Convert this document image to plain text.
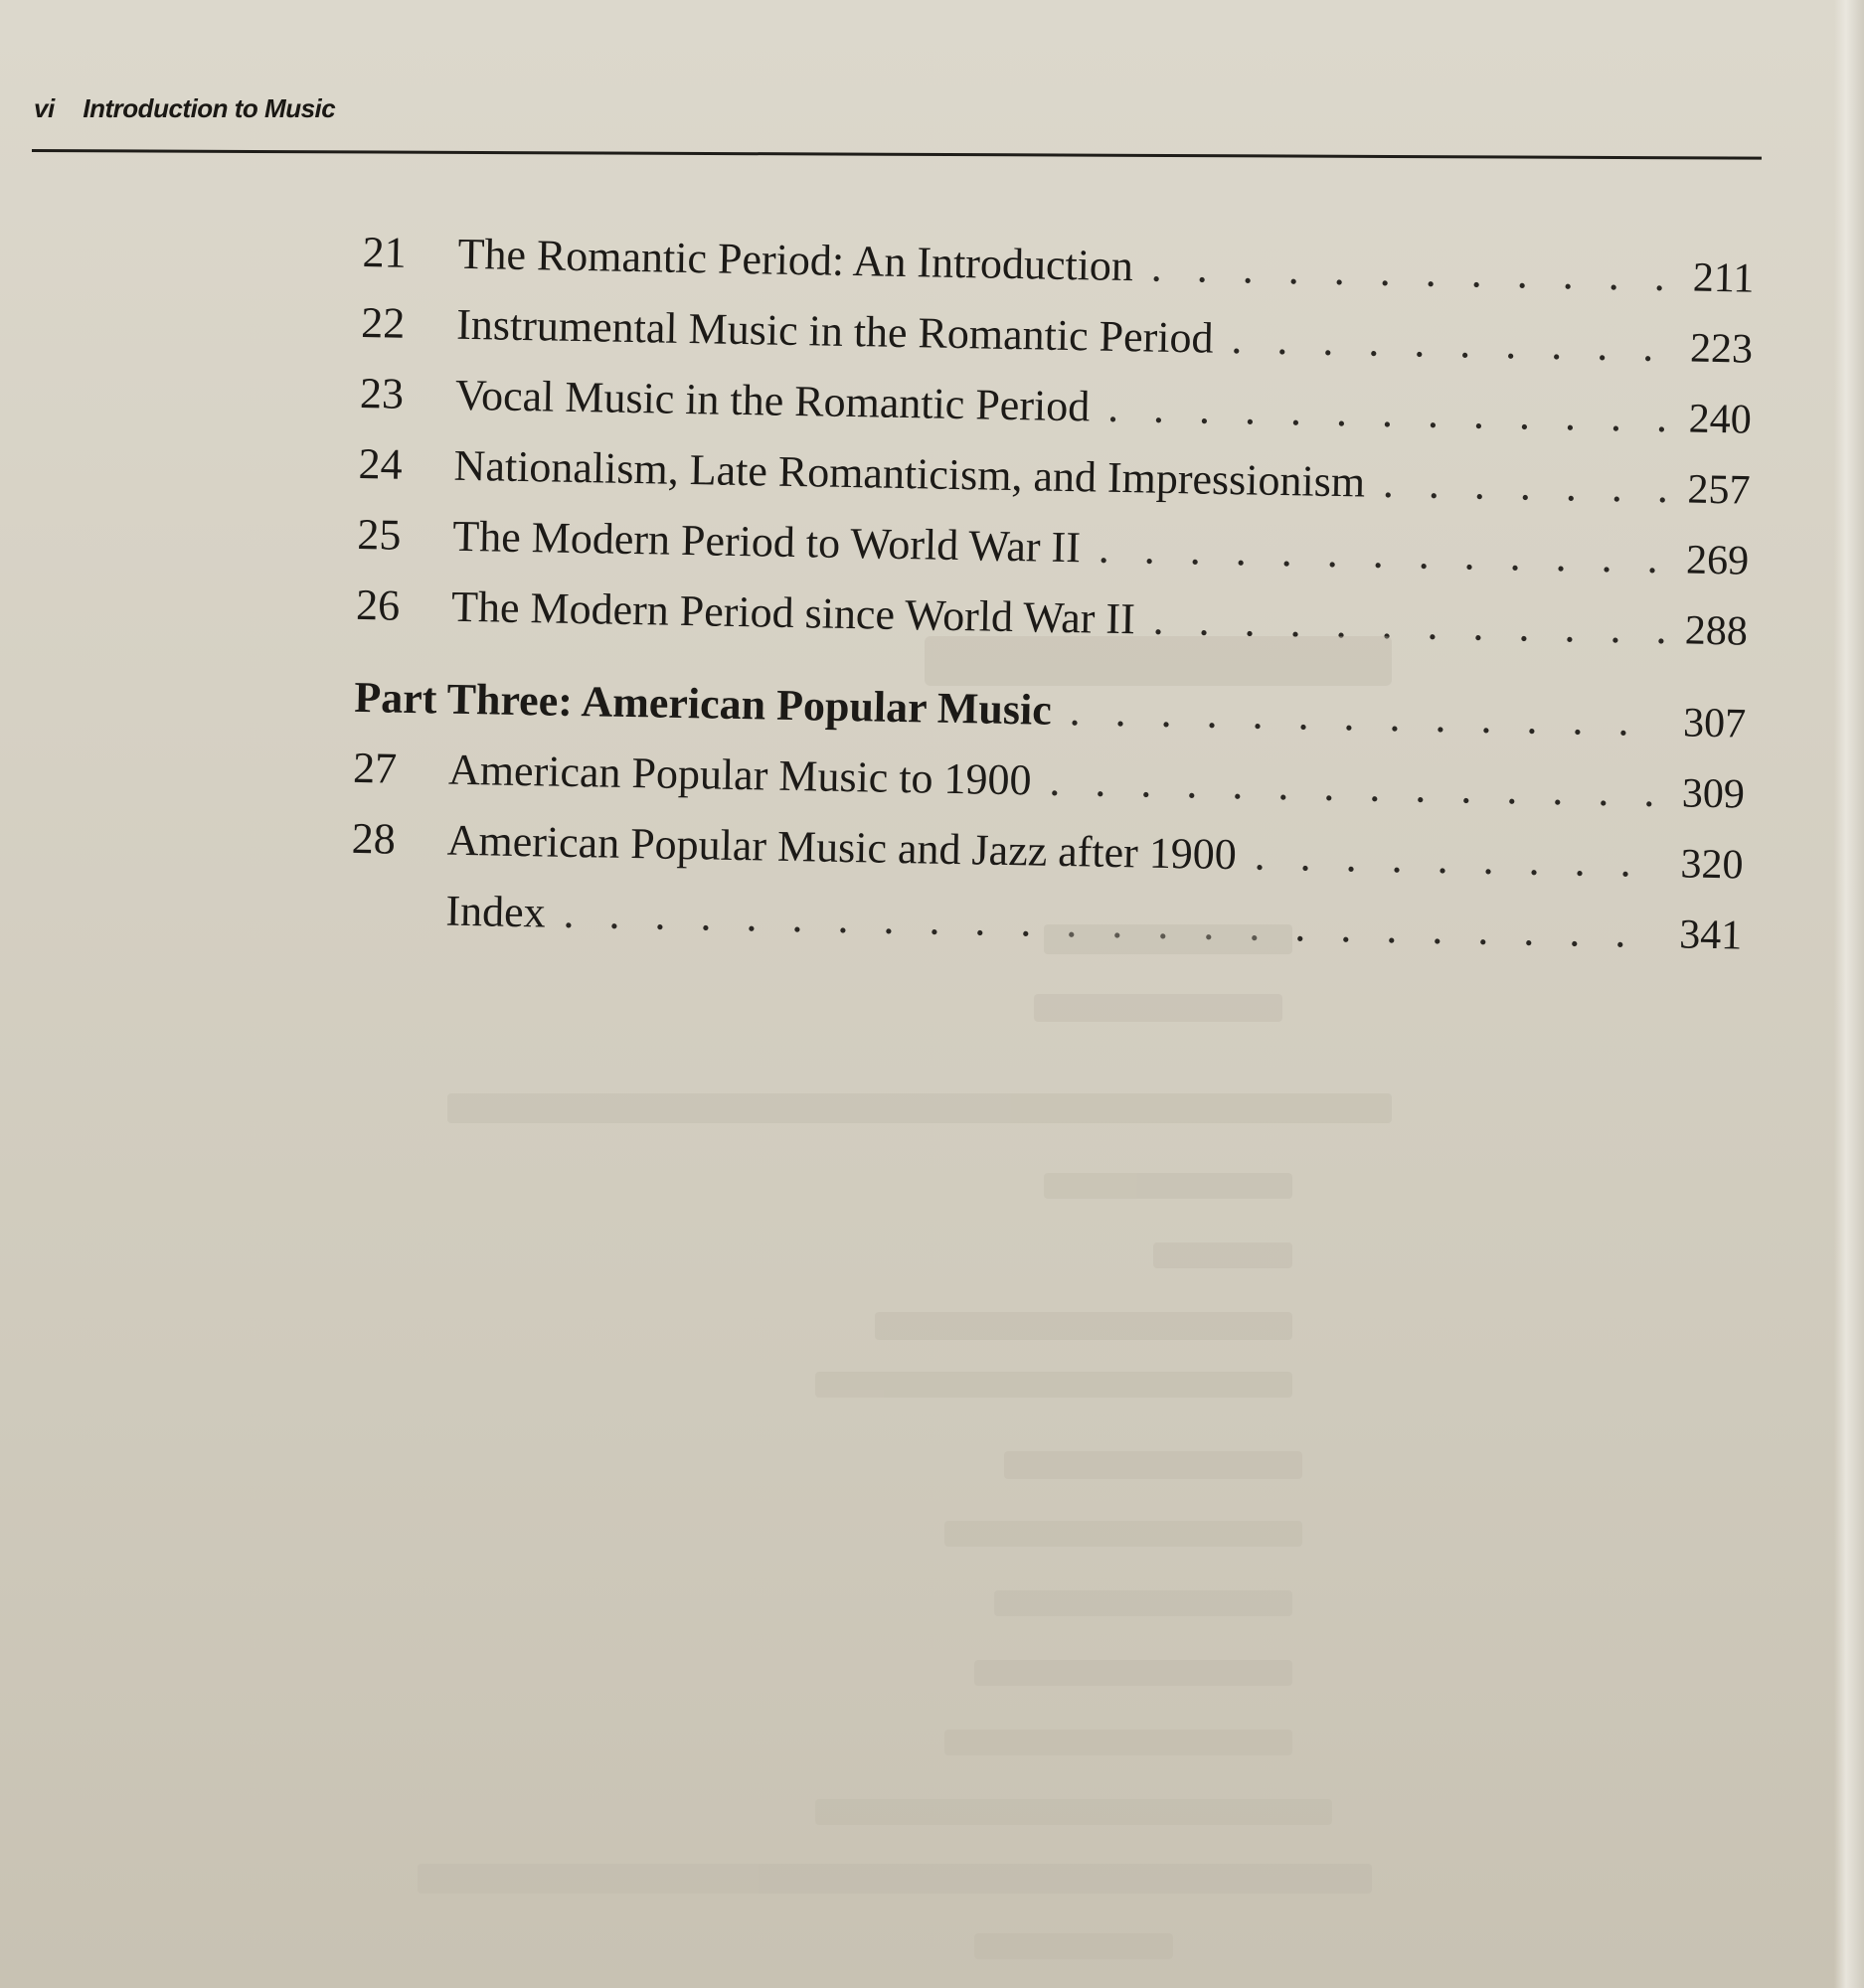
vi Introduction to Music
21	The Romantic Period: An Introduction . . .	211
22	Instrumental Music in the Romantic Period . . .	223
23	Vocal Music in the Romantic Period . . .	240
24	Nationalism, Late Romanticism, and Impressionism . . .	257
25	The Modern Period to World War II . . .	269
26	The Modern Period since World War II . . .	288
Part Three: American Popular Music . . .	307
27	American Popular Music to 1900 . . .	309
28	American Popular Music and Jazz after 1900 . . .	320
Index . . .	341
